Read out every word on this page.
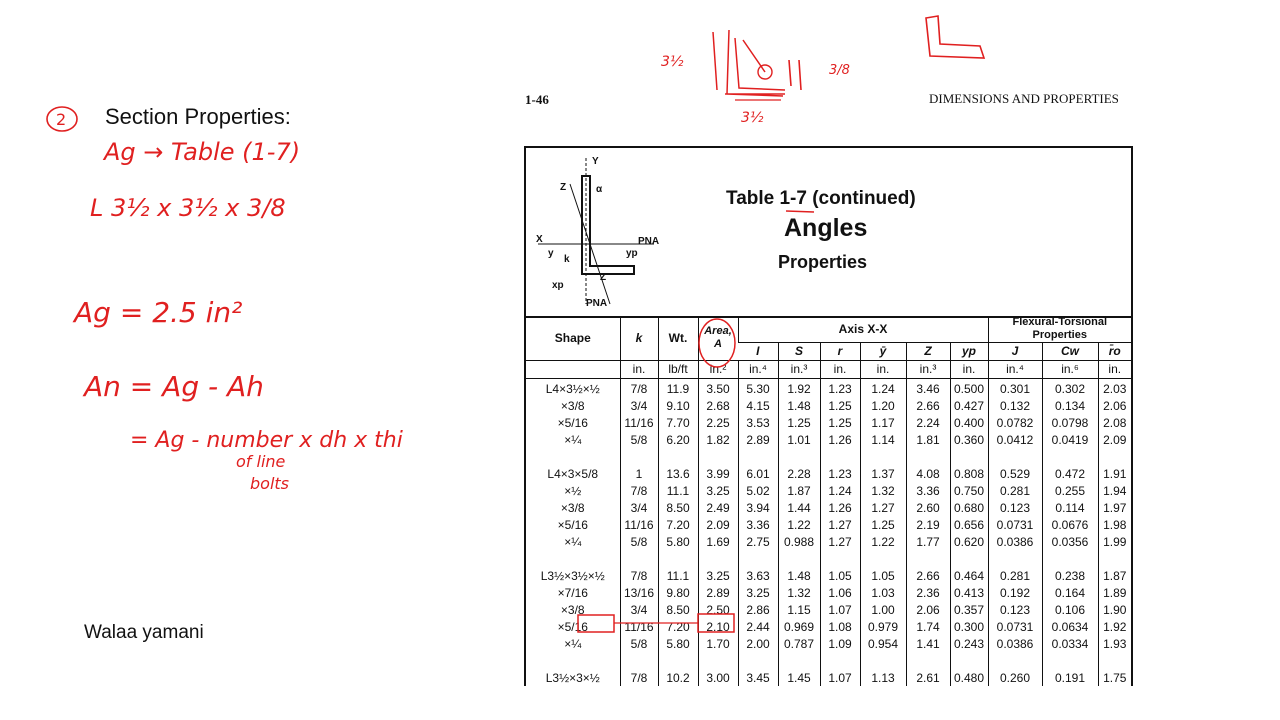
2 Section Properties:
Ag → Table (1-7)
L 3½ x 3½ x 3/8
Ag = 2.5 in²
An = Ag - Ah
= Ag - number x dh x thi
of line
bolts
Walaa yamani
3½
3½
3/8
1-46	DIMENSIONS AND PROPERTIES
Y
Z	α
X	PNA
y
k
yp
xp
PNA
Z
Table 1-7 (continued)
Angles
Properties
Shape	k	Wt.	Area, A	Axis X-X						Flexural-Torsional Properties		
				I	S	r	ȳ	Z	yp	J	Cw	r̄o
	in.	lb/ft	in.²	in.⁴	in.³	in.	in.	in.³	in.	in.⁴	in.⁶	in.

L4×3½×½	7/8	11.9	3.50	5.30	1.92	1.23	1.24	3.46	0.500	0.301	0.302	2.03
×3/8	3/4	9.10	2.68	4.15	1.48	1.25	1.20	2.66	0.427	0.132	0.134	2.06
×5/16	11/16	7.70	2.25	3.53	1.25	1.25	1.17	2.24	0.400	0.0782	0.0798	2.08
×¼	5/8	6.20	1.82	2.89	1.01	1.26	1.14	1.81	0.360	0.0412	0.0419	2.09

L4×3×5/8	1	13.6	3.99	6.01	2.28	1.23	1.37	4.08	0.808	0.529	0.472	1.91
×½	7/8	11.1	3.25	5.02	1.87	1.24	1.32	3.36	0.750	0.281	0.255	1.94
×3/8	3/4	8.50	2.49	3.94	1.44	1.26	1.27	2.60	0.680	0.123	0.114	1.97
×5/16	11/16	7.20	2.09	3.36	1.22	1.27	1.25	2.19	0.656	0.0731	0.0676	1.98
×¼	5/8	5.80	1.69	2.75	0.988	1.27	1.22	1.77	0.620	0.0386	0.0356	1.99

L3½×3½×½	7/8	11.1	3.25	3.63	1.48	1.05	1.05	2.66	0.464	0.281	0.238	1.87
×7/16	13/16	9.80	2.89	3.25	1.32	1.06	1.03	2.36	0.413	0.192	0.164	1.89
×3/8	3/4	8.50	2.50	2.86	1.15	1.07	1.00	2.06	0.357	0.123	0.106	1.90
×5/16	11/16	7.20	2.10	2.44	0.969	1.08	0.979	1.74	0.300	0.0731	0.0634	1.92
×¼	5/8	5.80	1.70	2.00	0.787	1.09	0.954	1.41	0.243	0.0386	0.0334	1.93

L3½×3×½	7/8	10.2	3.00	3.45	1.45	1.07	1.13	2.61	0.480	0.260	0.191	1.75
